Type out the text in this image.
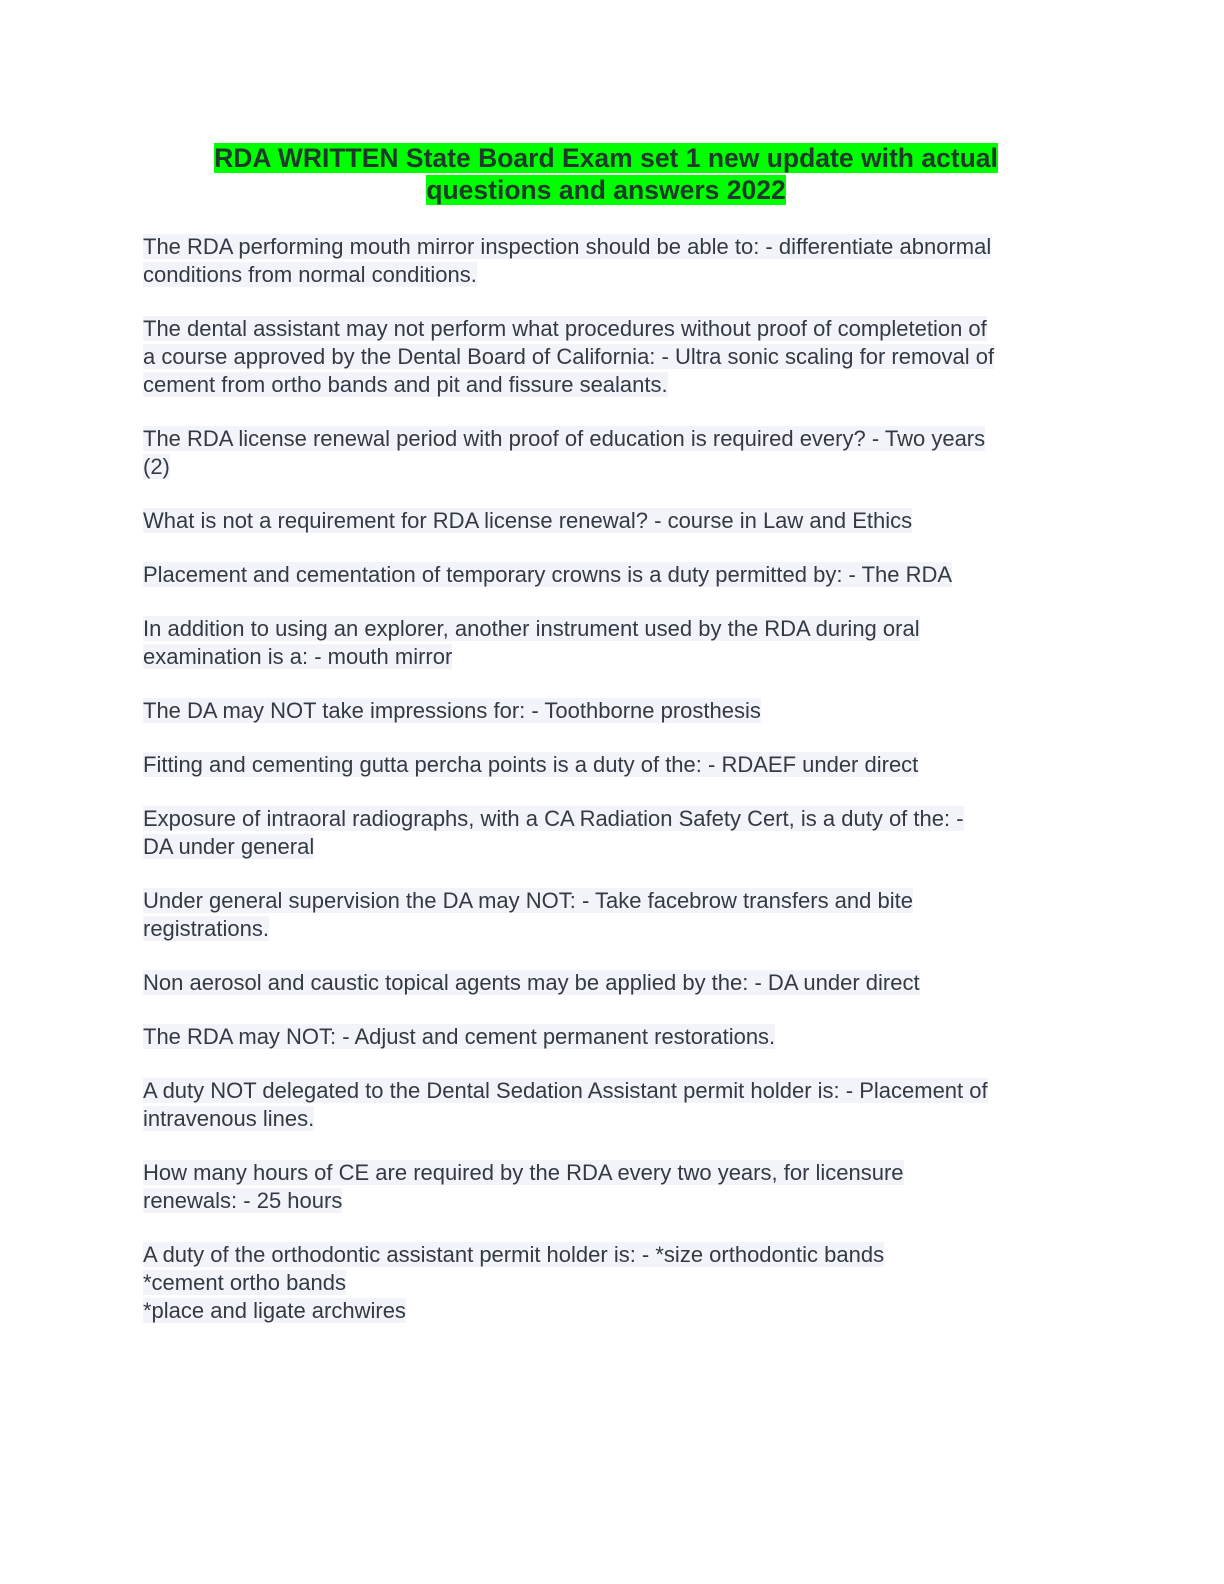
RDA WRITTEN State Board Exam set 1 new update with actual
questions and answers 2022

The RDA performing mouth mirror inspection should be able to: - differentiate abnormal
conditions from normal conditions.

The dental assistant may not perform what procedures without proof of completetion of
a course approved by the Dental Board of California: - Ultra sonic scaling for removal of
cement from ortho bands and pit and fissure sealants.

The RDA license renewal period with proof of education is required every? - Two years
(2)

What is not a requirement for RDA license renewal? - course in Law and Ethics

Placement and cementation of temporary crowns is a duty permitted by: - The RDA

In addition to using an explorer, another instrument used by the RDA during oral
examination is a: - mouth mirror

The DA may NOT take impressions for: - Toothborne prosthesis

Fitting and cementing gutta percha points is a duty of the: - RDAEF under direct

Exposure of intraoral radiographs, with a CA Radiation Safety Cert, is a duty of the: -
DA under general

Under general supervision the DA may NOT: - Take facebrow transfers and bite
registrations.

Non aerosol and caustic topical agents may be applied by the: - DA under direct

The RDA may NOT: - Adjust and cement permanent restorations.

A duty NOT delegated to the Dental Sedation Assistant permit holder is: - Placement of
intravenous lines.

How many hours of CE are required by the RDA every two years, for licensure
renewals: - 25 hours

A duty of the orthodontic assistant permit holder is: - *size orthodontic bands
*cement ortho bands
*place and ligate archwires
